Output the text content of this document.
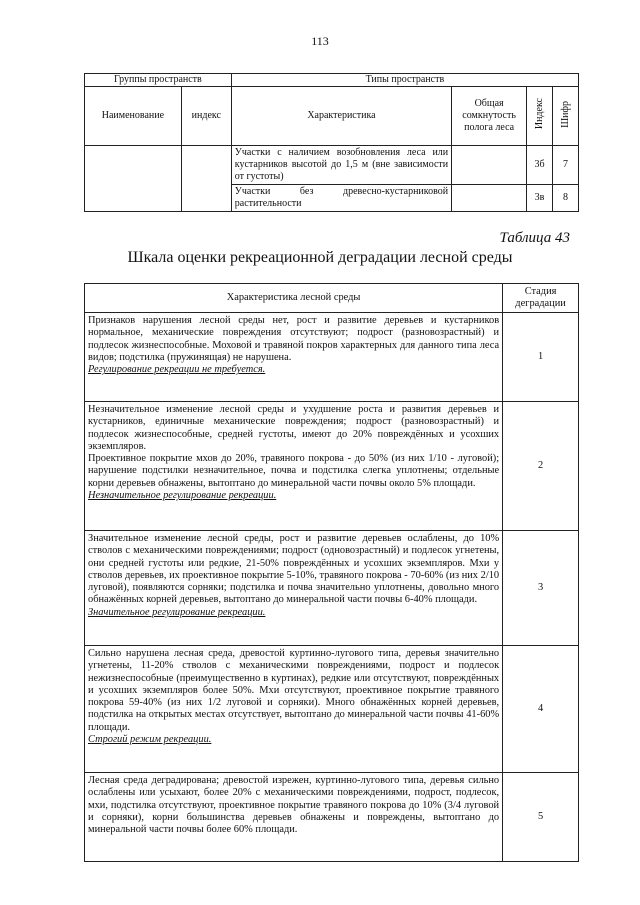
113
Группы пространств		Типы пространств			
Наименование	индекс	Характеристика	Общая сомкнутость полога леса	Индекс	Шифр
		Участки с наличием возобновления леса или кустарников высотой до 1,5 м (вне зависимости от густоты)		3б	7
		Участки без древесно-кустарниковой растительности		3в	8
Таблица 43
Шкала оценки рекреационной деградации лесной среды
Характеристика лесной среды	Стадия деградации

Признаков нарушения лесной среды нет, рост и развитие деревьев и кустарников нормальное, механические повреждения отсутствуют; подрост (разновозрастный) и подлесок жизнеспособные. Моховой и травяной покров характерных для данного типа леса видов; подстилка (пружинящая) не нарушена.
Регулирование рекреации не требуется.	1

Незначительное изменение лесной среды и ухудшение роста и развития деревьев и кустарников, единичные механические повреждения; подрост (разновозрастный) и подлесок жизнеспособные, средней густоты, имеют до 20% повреждённых и усохших экземпляров.
Проективное покрытие мхов до 20%, травяного покрова - до 50% (из них 1/10 - луговой); нарушение подстилки незначительное, почва и подстилка слегка уплотнены; отдельные корни деревьев обнажены, вытоптано до минеральной части почвы около 5% площади.
Незначительное регулирование рекреации.	2

Значительное изменение лесной среды, рост и развитие деревьев ослаблены, до 10% стволов с механическими повреждениями; подрост (одновозрастный) и подлесок угнетены, они средней густоты или редкие, 21-50% повреждённых и усохших экземпляров. Мхи у стволов деревьев, их проективное покрытие 5-10%, травяного покрова - 70-60% (из них 2/10 луговой), появляются сорняки; подстилка и почва значительно уплотнены, довольно много обнажённых корней деревьев, вытоптано до минеральной части почвы 6-40% площади.
Значительное регулирование рекреации.	3

Сильно нарушена лесная среда, древостой куртинно-лугового типа, деревья значительно угнетены, 11-20% стволов с механическими повреждениями, подрост и подлесок нежизнеспособные (преимущественно в куртинах), редкие или отсутствуют, повреждённых и усохших экземпляров более 50%. Мхи отсутствуют, проективное покрытие травяного покрова 59-40% (из них 1/2 луговой и сорняки). Много обнажённых корней деревьев, подстилка на открытых местах отсутствует, вытоптано до минеральной части почвы 41-60% площади.
Строгий режим рекреации.	4

Лесная среда деградирована; древостой изрежен, куртинно-лугового типа, деревья сильно ослаблены или усыхают, более 20% с механическими повреждениями, подрост, подлесок, мхи, подстилка отсутствуют, проективное покрытие травяного покрова до 10% (3/4 луговой и сорняки), корни большинства деревьев обнажены и повреждены, вытоптано до минеральной части почвы более 60% площади.	5
